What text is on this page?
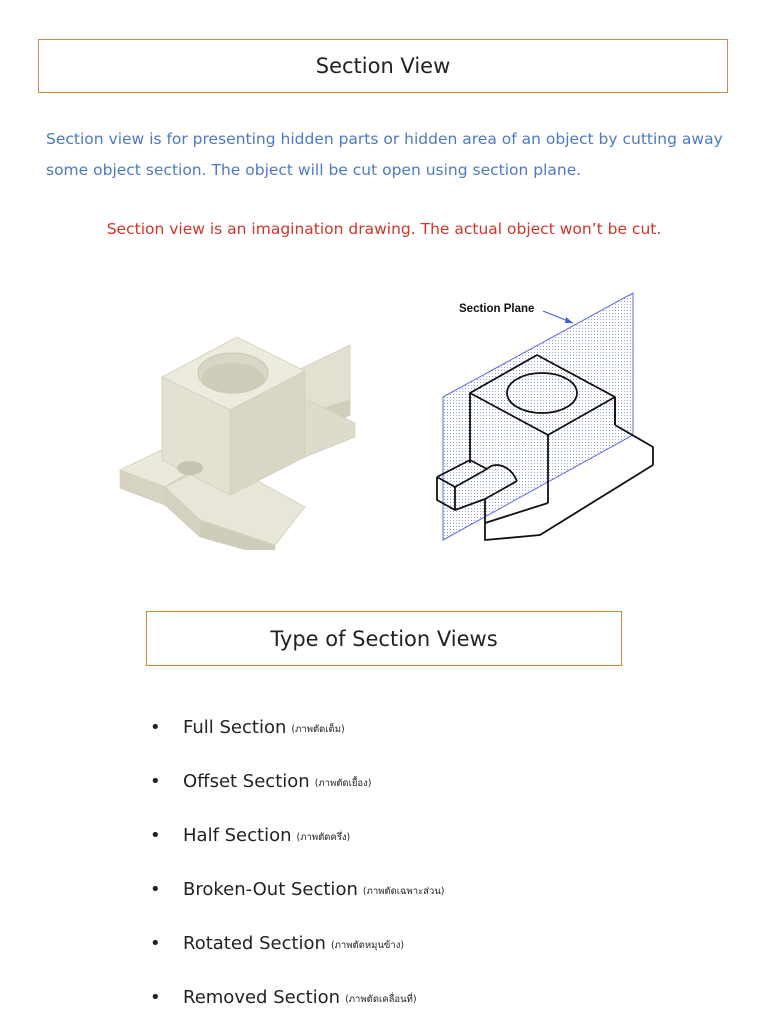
Section View

Section view is for presenting hidden parts or hidden area of an object by cutting away some object section. The object will be cut open using section plane.

Section view is an imagination drawing. The actual object won’t be cut.
Section Plane
Type of Section Views
•	Full Section (ภาพตัดเต็ม)
•	Offset Section (ภาพตัดเยื้อง)
•	Half Section (ภาพตัดครึ่ง)
•	Broken-Out Section (ภาพตัดเฉพาะส่วน)
•	Rotated Section (ภาพตัดหมุนข้าง)
•	Removed Section (ภาพตัดเคลื่อนที่)
